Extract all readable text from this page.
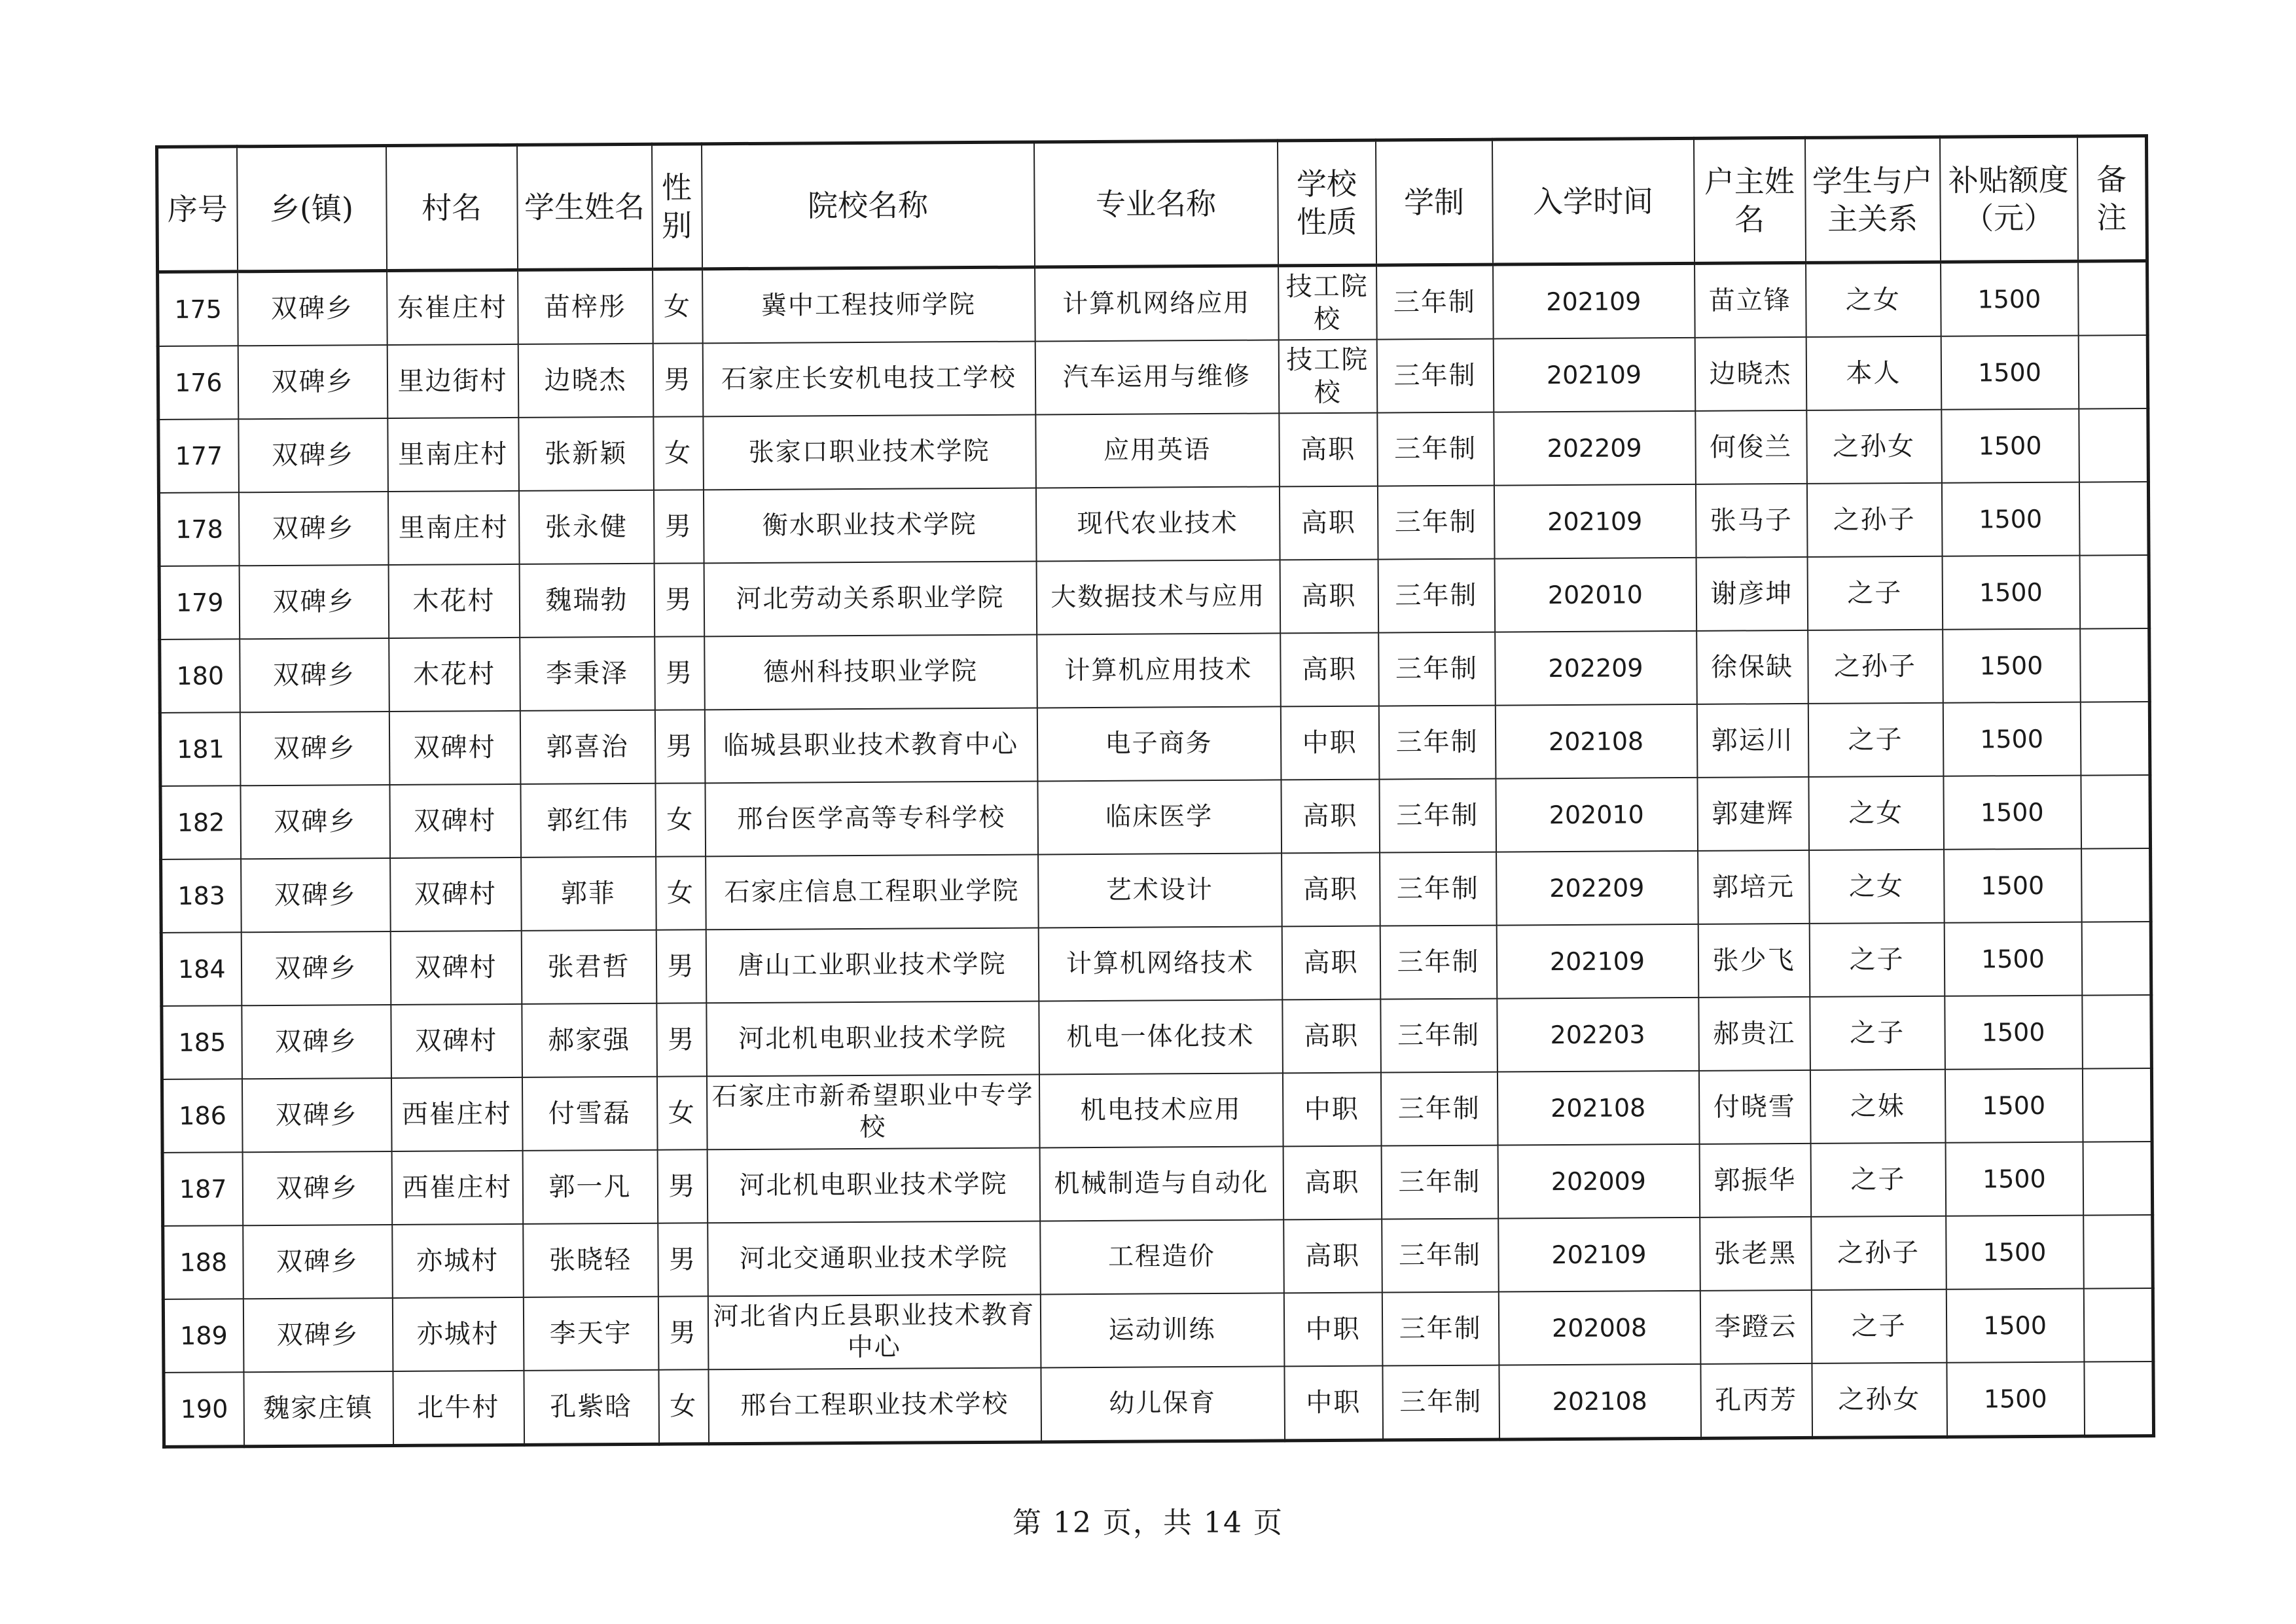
序号	乡(镇)	村名	学生姓名	性别	院校名称	专业名称	学校性质	学制	入学时间	户主姓名	学生与户主关系	补贴额度（元）	备注
175	双碑乡	东崔庄村	苗梓彤	女	冀中工程技师学院	计算机网络应用	技工院校	三年制	202109	苗立锋	之女	1500	
176	双碑乡	里边街村	边晓杰	男	石家庄长安机电技工学校	汽车运用与维修	技工院校	三年制	202109	边晓杰	本人	1500	
177	双碑乡	里南庄村	张新颖	女	张家口职业技术学院	应用英语	高职	三年制	202209	何俊兰	之孙女	1500	
178	双碑乡	里南庄村	张永健	男	衡水职业技术学院	现代农业技术	高职	三年制	202109	张马子	之孙子	1500	
179	双碑乡	木花村	魏瑞勃	男	河北劳动关系职业学院	大数据技术与应用	高职	三年制	202010	谢彦坤	之子	1500	
180	双碑乡	木花村	李秉泽	男	德州科技职业学院	计算机应用技术	高职	三年制	202209	徐保缺	之孙子	1500	
181	双碑乡	双碑村	郭喜治	男	临城县职业技术教育中心	电子商务	中职	三年制	202108	郭运川	之子	1500	
182	双碑乡	双碑村	郭红伟	女	邢台医学高等专科学校	临床医学	高职	三年制	202010	郭建辉	之女	1500	
183	双碑乡	双碑村	郭菲	女	石家庄信息工程职业学院	艺术设计	高职	三年制	202209	郭培元	之女	1500	
184	双碑乡	双碑村	张君哲	男	唐山工业职业技术学院	计算机网络技术	高职	三年制	202109	张少飞	之子	1500	
185	双碑乡	双碑村	郝家强	男	河北机电职业技术学院	机电一体化技术	高职	三年制	202203	郝贵江	之子	1500	
186	双碑乡	西崔庄村	付雪磊	女	石家庄市新希望职业中专学校	机电技术应用	中职	三年制	202108	付晓雪	之妹	1500	
187	双碑乡	西崔庄村	郭一凡	男	河北机电职业技术学院	机械制造与自动化	高职	三年制	202009	郭振华	之子	1500	
188	双碑乡	亦城村	张晓轻	男	河北交通职业技术学院	工程造价	高职	三年制	202109	张老黑	之孙子	1500	
189	双碑乡	亦城村	李天宇	男	河北省内丘县职业技术教育中心	运动训练	中职	三年制	202008	李蹬云	之子	1500	
190	魏家庄镇	北牛村	孔紫晗	女	邢台工程职业技术学校	幼儿保育	中职	三年制	202108	孔丙芳	之孙女	1500	
第 12 页，共 14 页
